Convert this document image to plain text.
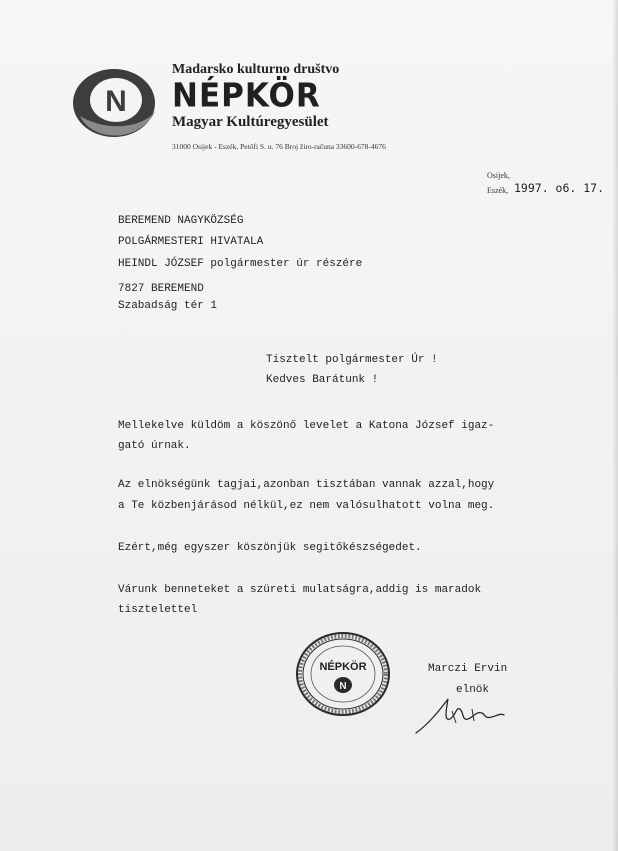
N
Madarsko kulturno društvo
NÉPKÖR
Magyar Kultúregyesület
31000 Osijek - Eszék, Petőfi S. u. 76 Broj žiro-računa 33600-678-4676
Osijek,
Eszék, 1997. o6. 17.
BEREMEND NAGYKÖZSÉG
POLGÁRMESTERI HIVATALA
HEINDL JÓZSEF polgármester úr részére
7827 BEREMEND
Szabadság tér 1
Tisztelt polgármester Úr !
Kedves Barátunk !
Mellekelve küldöm a köszönő levelet a Katona József igaz-
gató úrnak.
Az elnökségünk tagjai,azonban tisztában vannak azzal,hogy
a Te közbenjárásod nélkül,ez nem valósulhatott volna meg.
Ezért,még egyszer köszönjük segitőkészségedet.
Várunk benneteket a szüreti mulatságra,addig is maradok
tisztelettel
NÉPKÖR
N
Marczi Ervin
elnök
